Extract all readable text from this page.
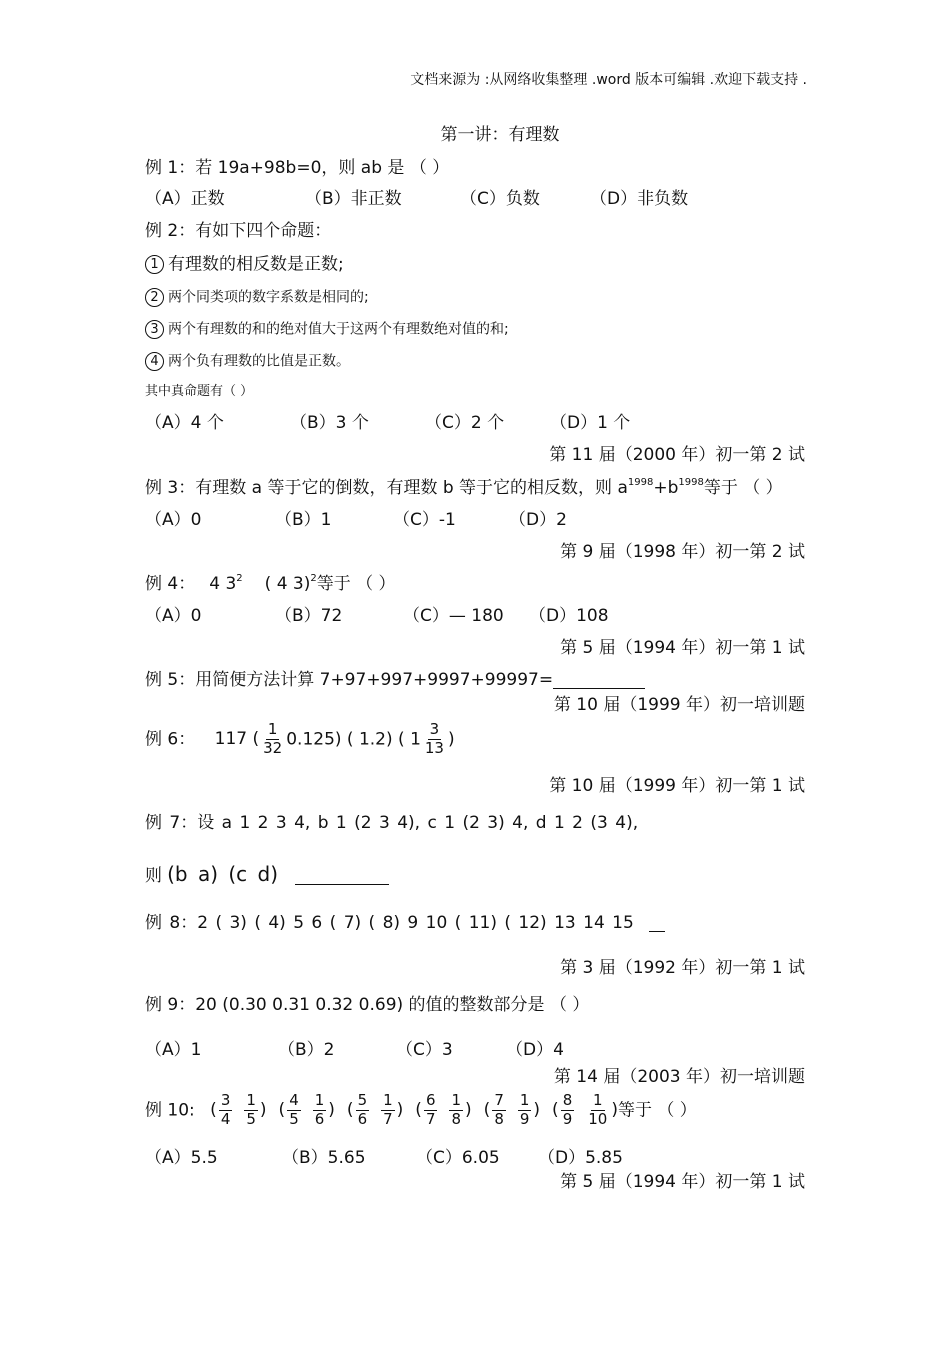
文档来源为 :从网络收集整理 .word 版本可编辑 .欢迎下载支持 .
第一讲：有理数
例 1：若 19a+98b=0，则 ab 是 （ ）
（A）正数	（B）非正数	（C）负数	（D）非负数
例 2：有如下四个命题：
1 有理数的相反数是正数;
2 两个同类项的数字系数是相同的;
3 两个有理数的和的绝对值大于这两个有理数绝对值的和;
4 两个负有理数的比值是正数。
其中真命题有（ ）
（A）4 个	（B）3 个	（C）2 个	（D）1 个
第 11 届（2000 年）初一第 2 试
例 3：有理数 a 等于它的倒数，有理数 b 等于它的相反数，则 $a^{1998}+b^{1998}$等于 （ ）
（A）0	（B）1	（C）-1	（D）2
第 9 届（1998 年）初一第 2 试
例 4： 4 $3^2$ ( 4 3)$^2$等于 （ ）
（A）0	（B）72	（C）— 180 （D）108
第 5 届（1994 年）初一第 1 试
例 5：用简便方法计算 7+97+997+9997+99997=
第 10 届（1999 年）初一培训题
例 6： 117 ( $\frac{1}{32} 0.125$) ( 1.2) ( $1 \frac{3}{13}$ )
第 10 届（1999 年）初一第 1 试
例 7：设 a 1 2 3 4, b 1 (2 3 4), c 1 (2 3) 4, d 1 2 (3 4),
则 (b a) (c d)
例 8：2 ( 3) ( 4) 5 6 ( 7) ( 8) 9 10 ( 11) ( 12) 13 14 15
第 3 届（1992 年）初一第 1 试
例 9：20 (0.30 0.31 0.32 0.69) 的值的整数部分是 （ ）
（A）1	（B）2	（C）3	（D）4
第 14 届（2003 年）初一培训题
例 10: ( $\frac{3}{4} \frac{1}{5}$ ) ( $\frac{4}{5} \frac{1}{6}$ ) ( $\frac{5}{6} \frac{1}{7}$ ) ( $\frac{6}{7} \frac{1}{8}$ ) ( $\frac{7}{8} \frac{1}{9}$ ) ( $\frac{8}{9} \frac{1}{10}$ )等于 （ ）
（A）5.5	（B）5.65	（C）6.05 （D）5.85
第 5 届（1994 年）初一第 1 试
